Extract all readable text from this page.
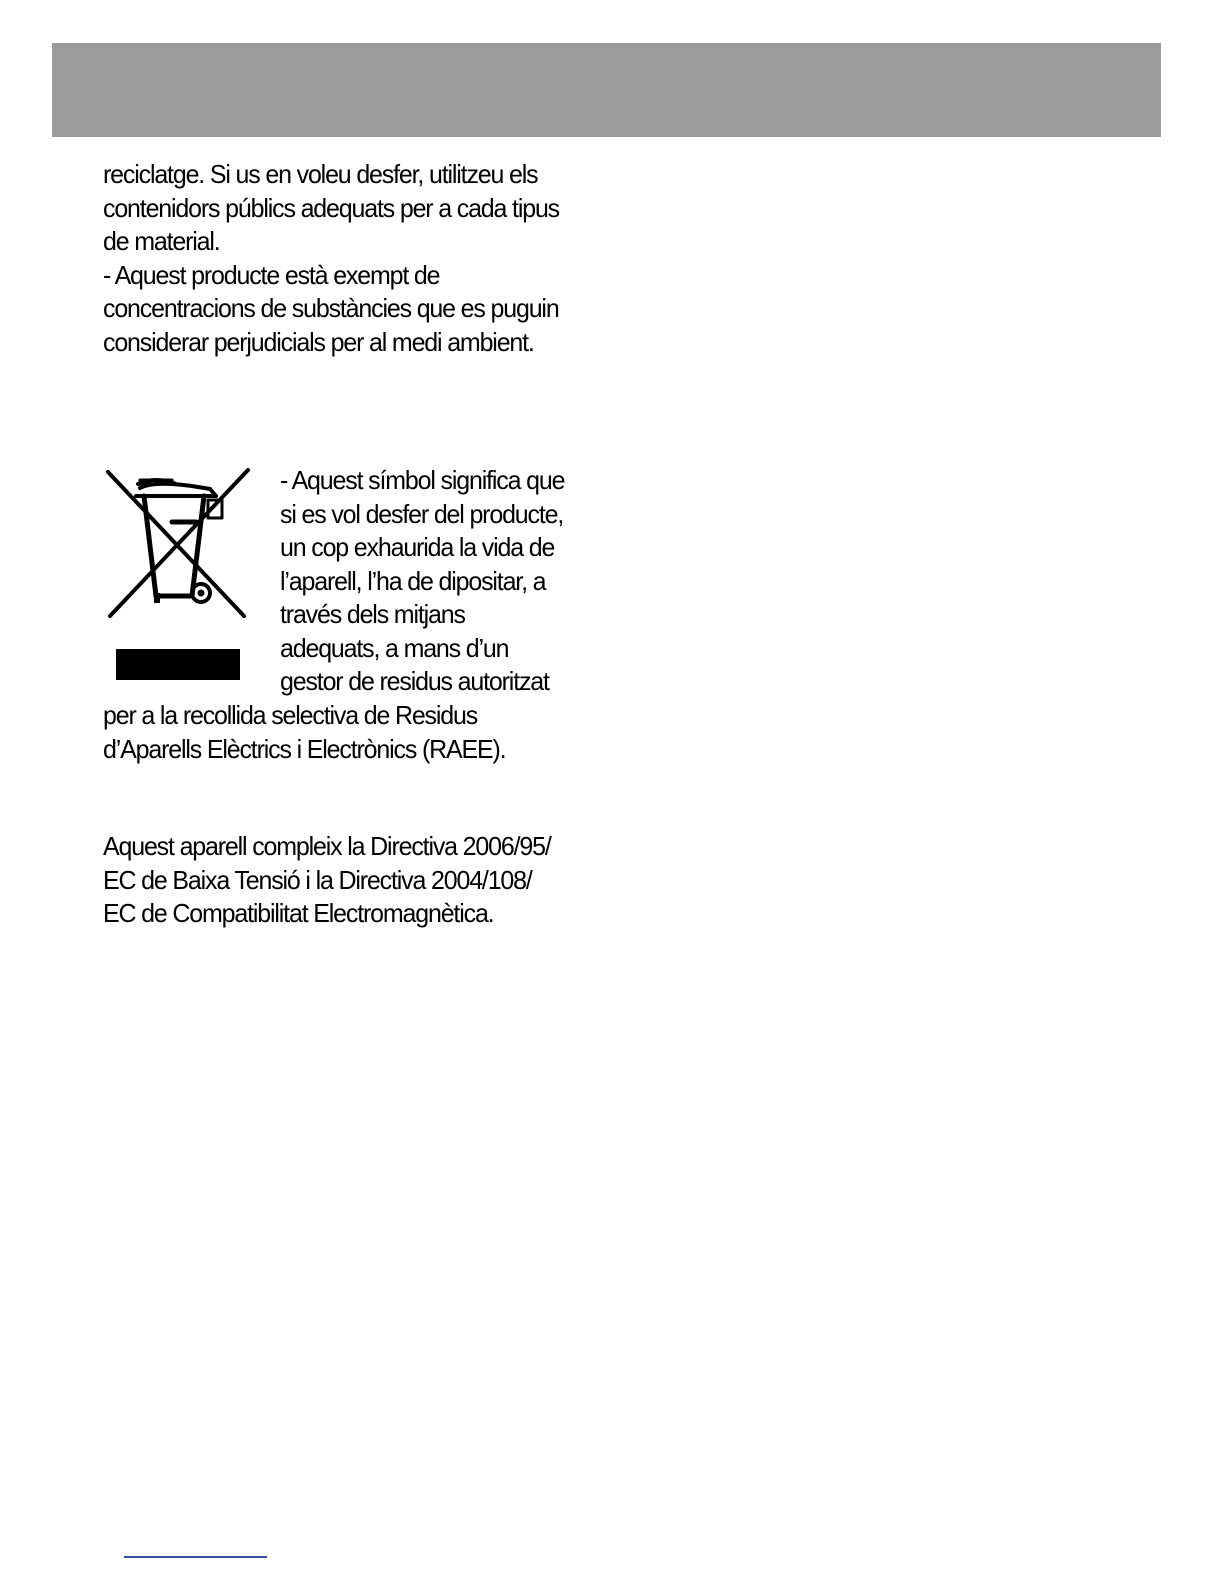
reciclatge. Si us en voleu desfer, utilitzeu els
contenidors públics adequats per a cada tipus
de material.
- Aquest producte està exempt de
concentracions de substàncies que es puguin
considerar perjudicials per al medi ambient.

- Aquest símbol significa que
si es vol desfer del producte,
un cop exhaurida la vida de
l’aparell, l’ha de dipositar, a
través dels mitjans
adequats, a mans d’un
gestor de residus autoritzat

per a la recollida selectiva de Residus
d’Aparells Elèctrics i Electrònics (RAEE).

Aquest aparell compleix la Directiva 2006/95/
EC de Baixa Tensió i la Directiva 2004/108/
EC de Compatibilitat Electromagnètica.
